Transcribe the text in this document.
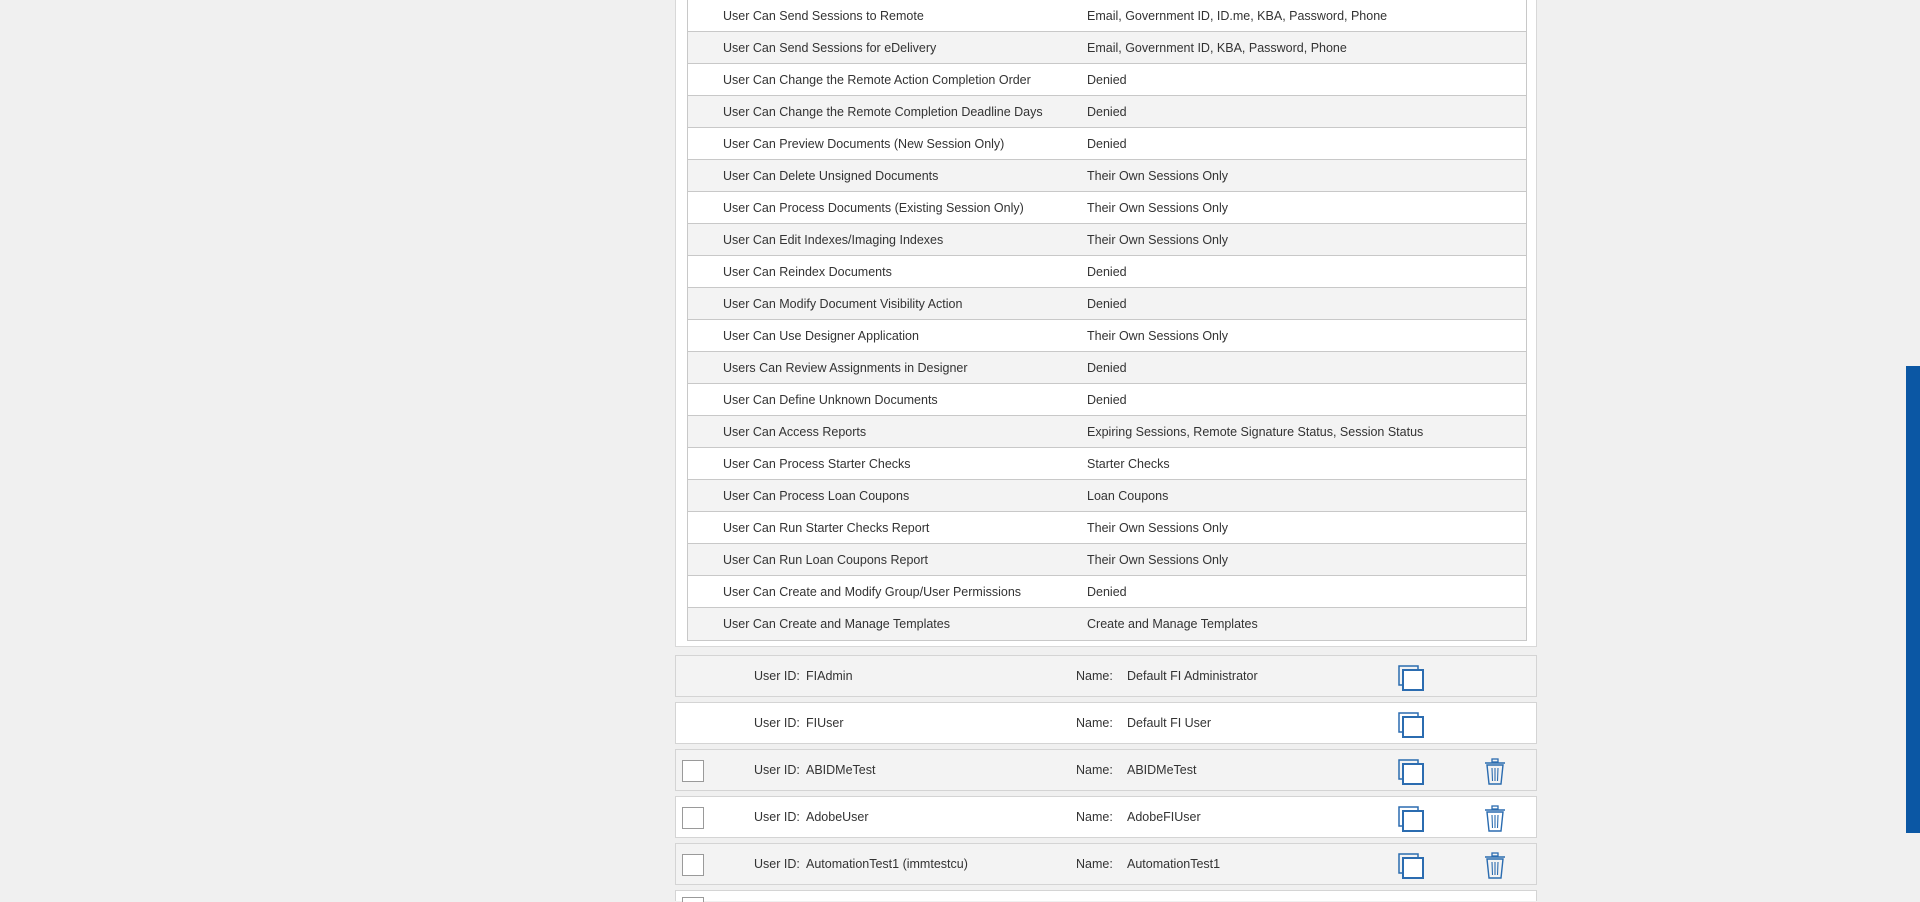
User Can Send Sessions to Remote	Email, Government ID, ID.me, KBA, Password, Phone
User Can Send Sessions for eDelivery	Email, Government ID, KBA, Password, Phone
User Can Change the Remote Action Completion Order	Denied
User Can Change the Remote Completion Deadline Days	Denied
User Can Preview Documents (New Session Only)	Denied
User Can Delete Unsigned Documents	Their Own Sessions Only
User Can Process Documents (Existing Session Only)	Their Own Sessions Only
User Can Edit Indexes/Imaging Indexes	Their Own Sessions Only
User Can Reindex Documents	Denied
User Can Modify Document Visibility Action	Denied
User Can Use Designer Application	Their Own Sessions Only
Users Can Review Assignments in Designer	Denied
User Can Define Unknown Documents	Denied
User Can Access Reports	Expiring Sessions, Remote Signature Status, Session Status
User Can Process Starter Checks	Starter Checks
User Can Process Loan Coupons	Loan Coupons
User Can Run Starter Checks Report	Their Own Sessions Only
User Can Run Loan Coupons Report	Their Own Sessions Only
User Can Create and Modify Group/User Permissions	Denied
User Can Create and Manage Templates	Create and Manage Templates
User ID: FIAdmin	Name: Default FI Administrator
User ID: FIUser	Name: Default FI User
User ID: ABIDMeTest	Name: ABIDMeTest
User ID: AdobeUser	Name: AdobeFIUser
User ID: AutomationTest1 (immtestcu)	Name: AutomationTest1
